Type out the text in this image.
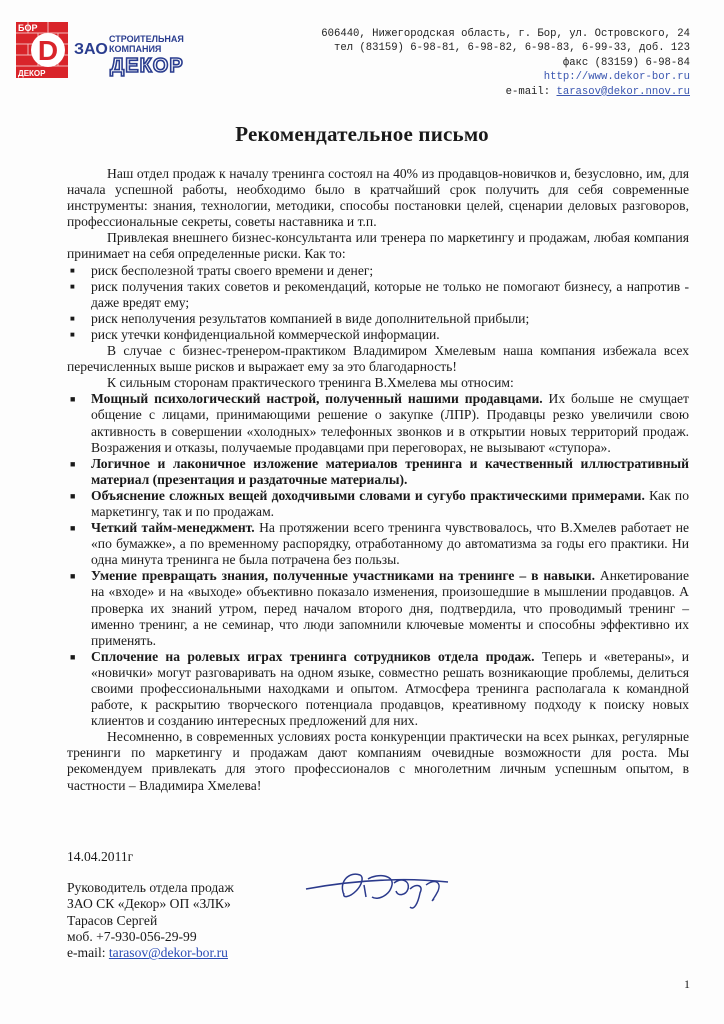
D
БОР
ДЕКОР
ЗАО
СТРОИТЕЛЬНАЯ
КОМПАНИЯ
ДЕКОР
606440, Нижегородская область, г. Бор, ул. Островского, 24
тел (83159) 6-98-81, 6-98-82, 6-98-83, 6-99-33, доб. 123
факс (83159) 6-98-84
http://www.dekor-bor.ru
e-mail: tarasov@dekor.nnov.ru
Рекомендательное письмо

Наш отдел продаж к началу тренинга состоял на 40% из продавцов-новичков и, безусловно, им, для начала успешной работы, необходимо было в кратчайший срок получить для себя современные инструменты: знания, технологии, методики, способы постановки целей, сценарии деловых разговоров, профессиональные секреты, советы наставника и т.п.

Привлекая внешнего бизнес-консультанта или тренера по маркетингу и продажам, любая компания принимает на себя определенные риски. Как то:

■ риск бесполезной траты своего времени и денег;
■ риск получения таких советов и рекомендаций, которые не только не помогают бизнесу, а напротив - даже вредят ему;
■ риск неполучения результатов компанией в виде дополнительной прибыли;
■ риск утечки конфиденциальной коммерческой информации.

В случае с бизнес-тренером-практиком Владимиром Хмелевым наша компания избежала всех перечисленных выше рисков и выражает ему за это благодарность!

К сильным сторонам практического тренинга В.Хмелева мы относим:

■ Мощный психологический настрой, полученный нашими продавцами. Их больше не смущает общение с лицами, принимающими решение о закупке (ЛПР). Продавцы резко увеличили свою активность в совершении «холодных» телефонных звонков и в открытии новых территорий продаж. Возражения и отказы, получаемые продавцами при переговорах, не вызывают «ступора».
■ Логичное и лаконичное изложение материалов тренинга и качественный иллюстративный материал (презентация и раздаточные материалы).
■ Объяснение сложных вещей доходчивыми словами и сугубо практическими примерами. Как по маркетингу, так и по продажам.
■ Четкий тайм-менеджмент. На протяжении всего тренинга чувствовалось, что В.Хмелев работает не «по бумажке», а по временному распорядку, отработанному до автоматизма за годы его практики. Ни одна минута тренинга не была потрачена без пользы.
■ Умение превращать знания, полученные участниками на тренинге – в навыки. Анкетирование на «входе» и на «выходе» объективно показало изменения, произошедшие в мышлении продавцов. А проверка их знаний утром, перед началом второго дня, подтвердила, что проводимый тренинг – именно тренинг, а не семинар, что люди запомнили ключевые моменты и способны эффективно их применять.
■ Сплочение на ролевых играх тренинга сотрудников отдела продаж. Теперь и «ветераны», и «новички» могут разговаривать на одном языке, совместно решать возникающие проблемы, делиться своими профессиональными находками и опытом. Атмосфера тренинга располагала к командной работе, к раскрытию творческого потенциала продавцов, креативному подходу к поиску новых клиентов и созданию интересных предложений для них.

Несомненно, в современных условиях роста конкуренции практически на всех рынках, регулярные тренинги по маркетингу и продажам дают компаниям очевидные возможности для роста. Мы рекомендуем привлекать для этого профессионалов с многолетним личным успешным опытом, в частности – Владимира Хмелева!

14.04.2011г
Руководитель отдела продаж
ЗАО СК «Декор» ОП «ЗЛК»
Тарасов Сергей
моб. +7-930-056-29-99
e-mail: tarasov@dekor-bor.ru
1
